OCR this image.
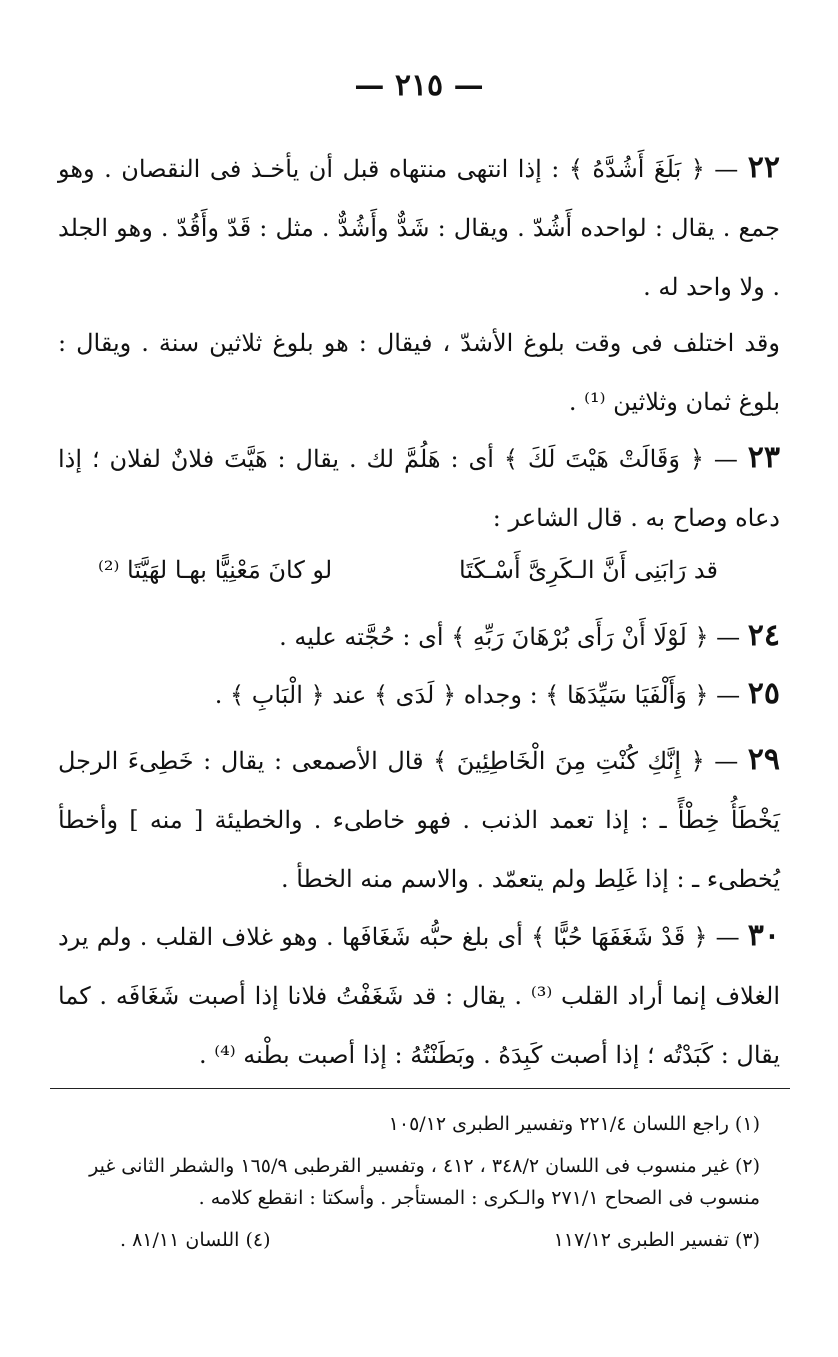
— ٢١٥ —

٢٢ — ﴿ بَلَغَ أَشُدَّهُ ﴾ : إذا انتهى منتهاه قبل أن يأخـذ فى النقصان . وهو جمع . يقال : لواحده أَشُدّ . ويقال : شَدٌّ وأَشُدٌّ . مثل : قَدّ وأَقُدّ . وهو الجلد . ولا واحد له .

وقد اختلف فى وقت بلوغ الأشدّ ، فيقال : هو بلوغ ثلاثين سنة . ويقال : بلوغ ثمان وثلاثين ⁽¹⁾ .

٢٣ — ﴿ وَقَالَتْ هَيْتَ لَكَ ﴾ أى : هَلُمَّ لك . يقال : هَيَّتَ فلانٌ لفلان ؛ إذا دعاه وصاح به . قال الشاعر :

قد رَابَنِى أَنَّ الـكَرِىَّ أَسْـكَتَا
لو كانَ مَعْنِيًّا بهـا لهَيَّتَا ⁽²⁾

٢٤ — ﴿ لَوْلَا أَنْ رَأَى بُرْهَانَ رَبِّهِ ﴾ أى : حُجَّته عليه .

٢٥ — ﴿ وَأَلْفَيَا سَيِّدَهَا ﴾ : وجداه ﴿ لَدَى ﴾ عند ﴿ الْبَابِ ﴾ .

٢٩ — ﴿ إِنَّكِ كُنْتِ مِنَ الْخَاطِئِينَ ﴾ قال الأصمعى : يقال : خَطِىءَ الرجل يَخْطَأُ خِطْأً ـ : إذا تعمد الذنب . فهو خاطىء . والخطيئة [ منه ] وأخطأ يُخطىء ـ : إذا غَلِط ولم يتعمّد . والاسم منه الخطأ .

٣٠ — ﴿ قَدْ شَغَفَهَا حُبًّا ﴾ أى بلغ حبُّه شَغَافَها . وهو غلاف القلب . ولم يرد الغلاف إنما أراد القلب ⁽³⁾ . يقال : قد شَغَفْتُ فلانا إذا أصبت شَغَافَه . كما يقال : كَبَدْتُه ؛ إذا أصبت كَبِدَهُ . وبَطَنْتُهُ : إذا أصبت بطْنه ⁽⁴⁾ .

(١) راجع اللسان ٢٢١/٤ وتفسير الطبرى ١٠٥/١٢

(٢) غير منسوب فى اللسان ٣٤٨/٢ ، ٤١٢ ، وتفسير القرطبى ١٦٥/٩ والشطر الثانى غير منسوب فى الصحاح ٢٧١/١ والـكرى : المستأجر . وأسكتا : انقطع كلامه .

(٣) تفسير الطبرى ١١٧/١٢
(٤) اللسان ٨١/١١ .
